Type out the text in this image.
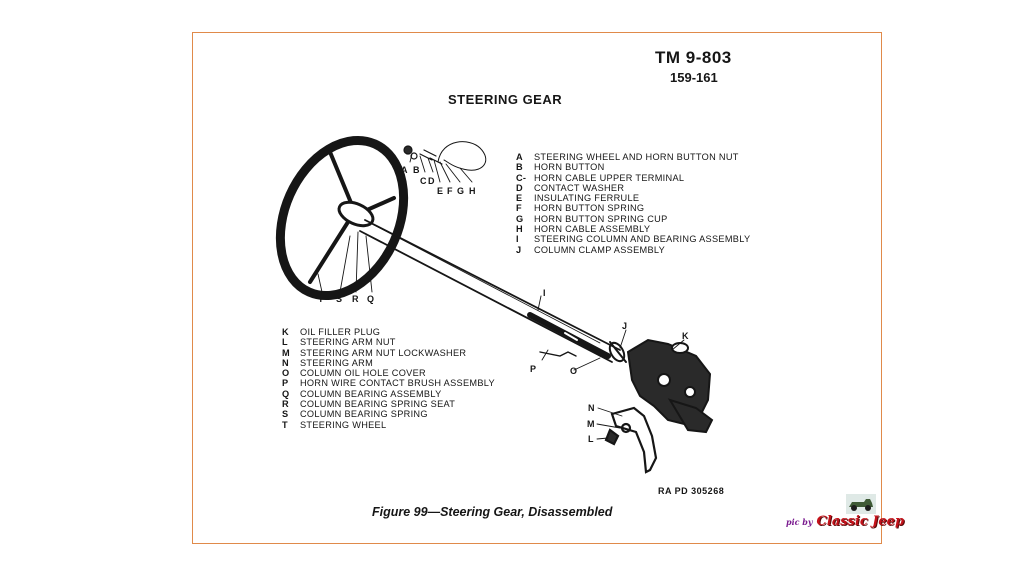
TM 9-803
159-161
STEERING GEAR
A B
C D
E F G H
T S R Q
I
J
K
O
P
N
M
L
A	STEERING WHEEL AND HORN BUTTON NUT
B	HORN BUTTON
C- HORN CABLE UPPER TERMINAL
D	CONTACT WASHER
E	INSULATING FERRULE
F	HORN BUTTON SPRING
G	HORN BUTTON SPRING CUP
H	HORN CABLE ASSEMBLY
I	STEERING COLUMN AND BEARING ASSEMBLY
J	COLUMN CLAMP ASSEMBLY
K	OIL FILLER PLUG
L	STEERING ARM NUT
M	STEERING ARM NUT LOCKWASHER
N	STEERING ARM
O	COLUMN OIL HOLE COVER
P	HORN WIRE CONTACT BRUSH ASSEMBLY
Q	COLUMN BEARING ASSEMBLY
R	COLUMN BEARING SPRING SEAT
S	COLUMN BEARING SPRING
T	STEERING WHEEL
RA PD 305268
Figure 99—Steering Gear, Disassembled
pic by Classic Jeep
